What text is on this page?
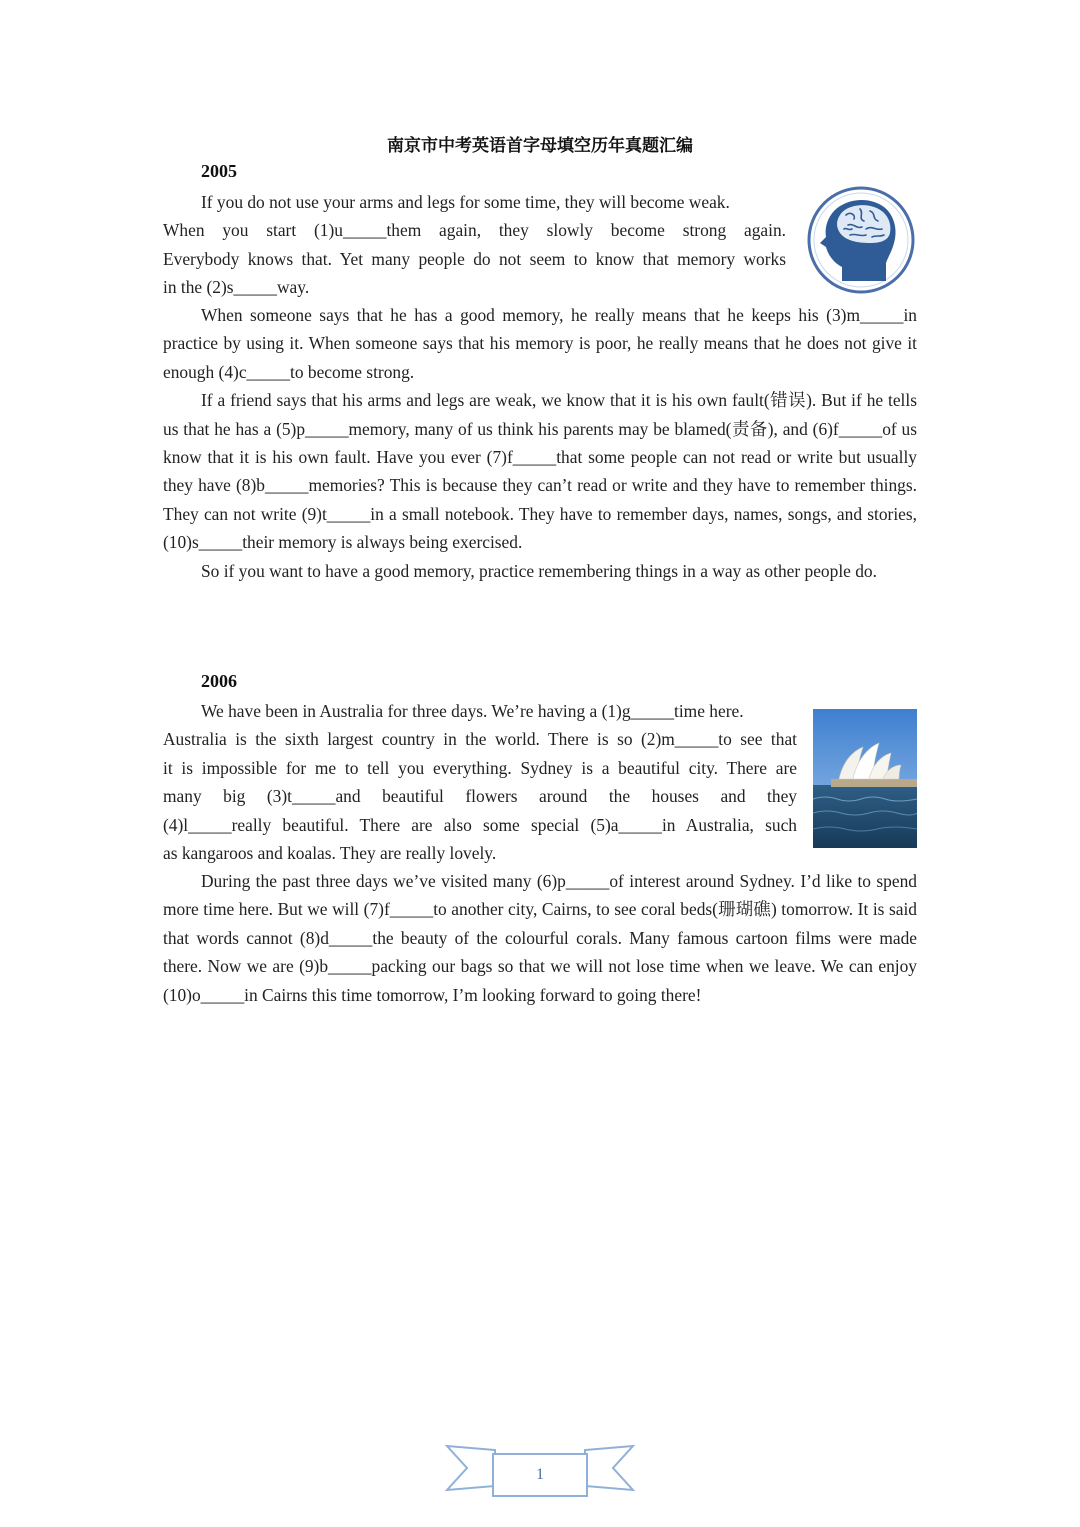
南京市中考英语首字母填空历年真题汇编
2005

If you do not use your arms and legs for some time, they will become weak.

When you start (1)u_____them again, they slowly become strong again.

Everybody knows that. Yet many people do not seem to know that memory works

in the (2)s_____way.

When someone says that he has a good memory, he really means that he keeps his (3)m_____in practice by using it. When someone says that his memory is poor, he really means that he does not give it enough (4)c_____to become strong.

If a friend says that his arms and legs are weak, we know that it is his own fault(错误). But if he tells us that he has a (5)p_____memory, many of us think his parents may be blamed(责备), and (6)f_____of us know that it is his own fault. Have you ever (7)f_____that some people can not read or write but usually they have (8)b_____memories? This is because they can’t read or write and they have to remember things. They can not write (9)t_____in a small notebook. They have to remember days, names, songs, and stories, (10)s_____their memory is always being exercised.

So if you want to have a good memory, practice remembering things in a way as other people do.

2006

We have been in Australia for three days. We’re having a (1)g_____time here.

Australia is the sixth largest country in the world. There is so (2)m_____to see that

it is impossible for me to tell you everything. Sydney is a beautiful city. There are

many big (3)t_____and beautiful flowers around the houses and they

(4)l_____really beautiful. There are also some special (5)a_____in Australia, such

as kangaroos and koalas. They are really lovely.

During the past three days we’ve visited many (6)p_____of interest around Sydney. I’d like to spend more time here. But we will (7)f_____to another city, Cairns, to see coral beds(珊瑚礁) tomorrow. It is said that words cannot (8)d_____the beauty of the colourful corals. Many famous cartoon films were made there. Now we are (9)b_____packing our bags so that we will not lose time when we leave. We can enjoy (10)o_____in Cairns this time tomorrow, I’m looking forward to going there!

1
